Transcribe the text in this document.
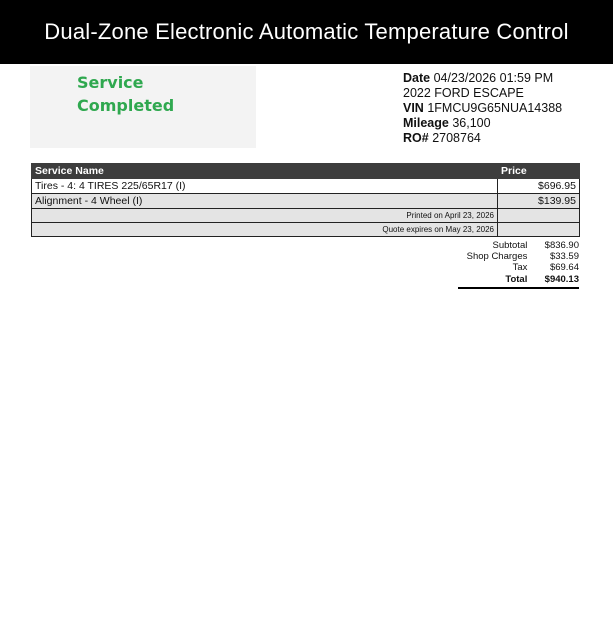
Dual-Zone Electronic Automatic Temperature Control
Service
Completed
Date 04/23/2026 01:59 PM
2022 FORD ESCAPE
VIN 1FMCU9G65NUA14388
Mileage 36,100
RO# 2708764
Service Name	Price
Tires - 4: 4 TIRES 225/65R17 (I)	$696.95
Alignment - 4 Wheel (I)	$139.95
Printed on April 23, 2026	
Quote expires on May 23, 2026	
Subtotal	$836.90
Shop Charges	$33.59
Tax	$69.64
Total	$940.13
